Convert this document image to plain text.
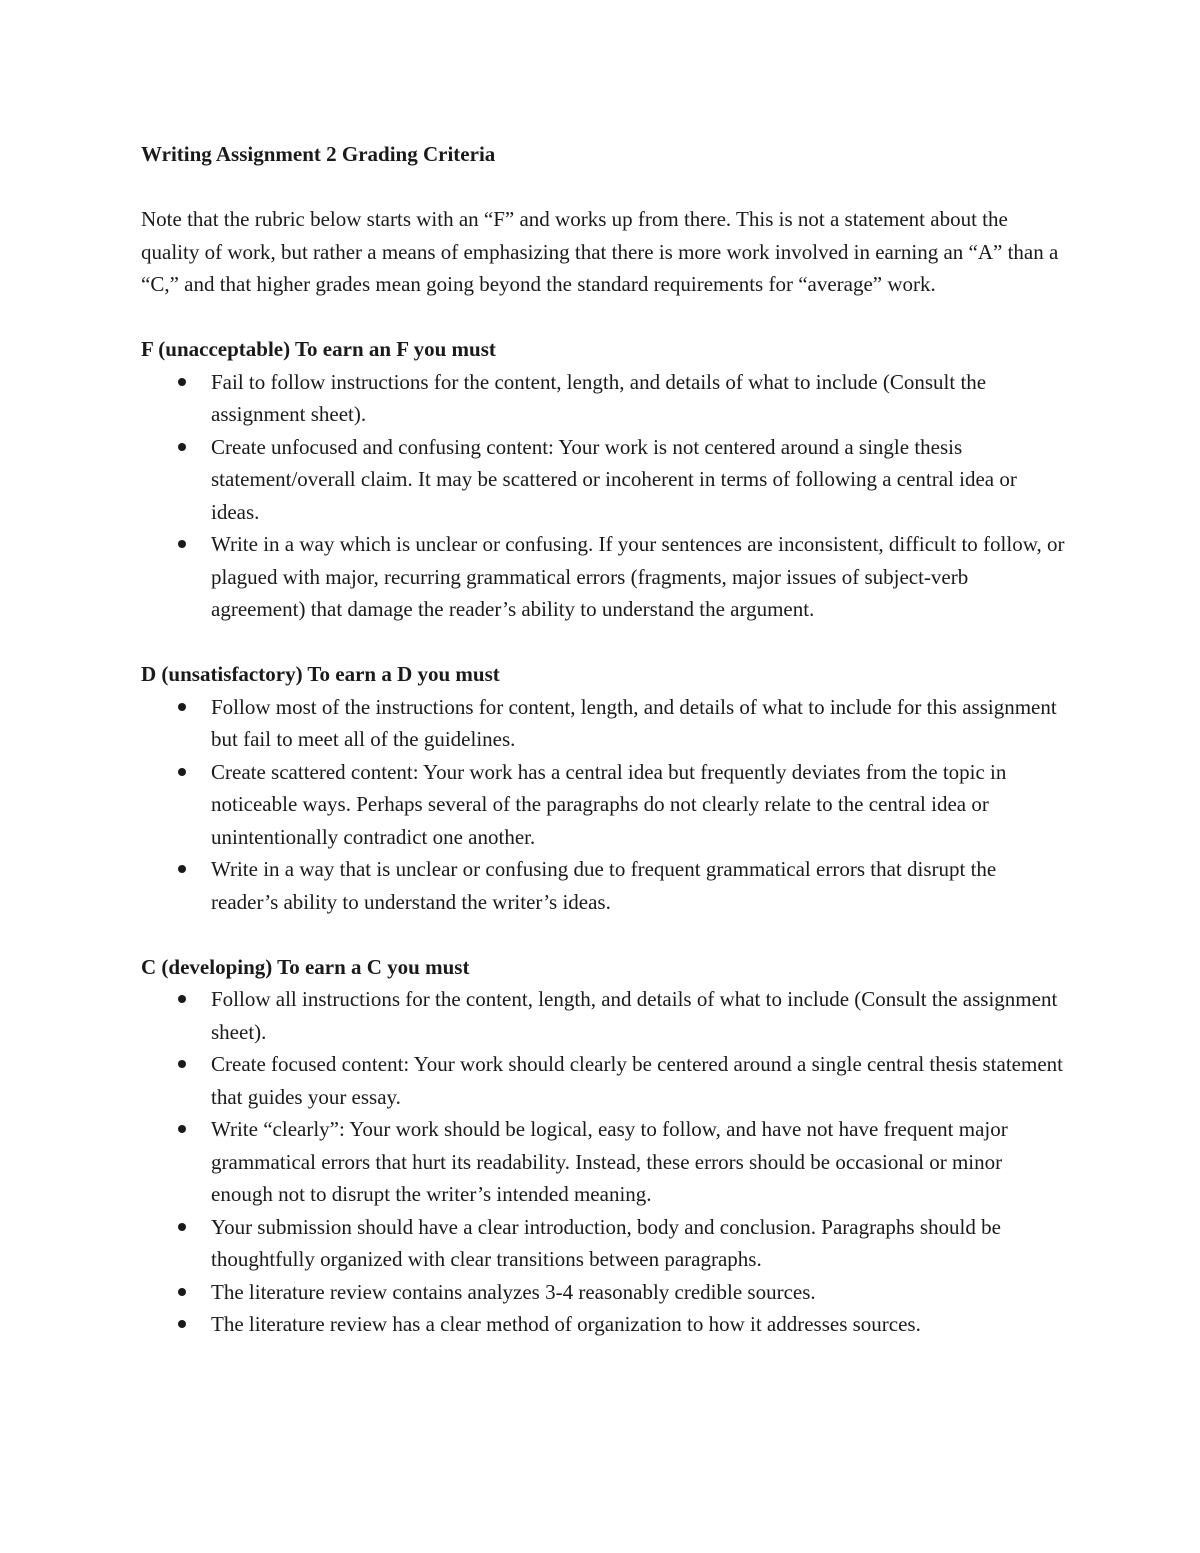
Writing Assignment 2 Grading Criteria

Note that the rubric below starts with an “F” and works up from there. This is not a statement about the quality of work, but rather a means of emphasizing that there is more work involved in earning an “A” than a “C,” and that higher grades mean going beyond the standard requirements for “average” work.

F (unacceptable) To earn an F you must

Fail to follow instructions for the content, length, and details of what to include (Consult the assignment sheet).
Create unfocused and confusing content: Your work is not centered around a single thesis statement/overall claim. It may be scattered or incoherent in terms of following a central idea or ideas.
Write in a way which is unclear or confusing. If your sentences are inconsistent, difficult to follow, or plagued with major, recurring grammatical errors (fragments, major issues of subject-verb agreement) that damage the reader’s ability to understand the argument.

D (unsatisfactory) To earn a D you must

Follow most of the instructions for content, length, and details of what to include for this assignment but fail to meet all of the guidelines.
Create scattered content: Your work has a central idea but frequently deviates from the topic in noticeable ways. Perhaps several of the paragraphs do not clearly relate to the central idea or unintentionally contradict one another.
Write in a way that is unclear or confusing due to frequent grammatical errors that disrupt the reader’s ability to understand the writer’s ideas.

C (developing) To earn a C you must

Follow all instructions for the content, length, and details of what to include (Consult the assignment sheet).
Create focused content: Your work should clearly be centered around a single central thesis statement that guides your essay.
Write “clearly”: Your work should be logical, easy to follow, and have not have frequent major grammatical errors that hurt its readability. Instead, these errors should be occasional or minor enough not to disrupt the writer’s intended meaning.
Your submission should have a clear introduction, body and conclusion. Paragraphs should be thoughtfully organized with clear transitions between paragraphs.
The literature review contains analyzes 3-4 reasonably credible sources.
The literature review has a clear method of organization to how it addresses sources.
